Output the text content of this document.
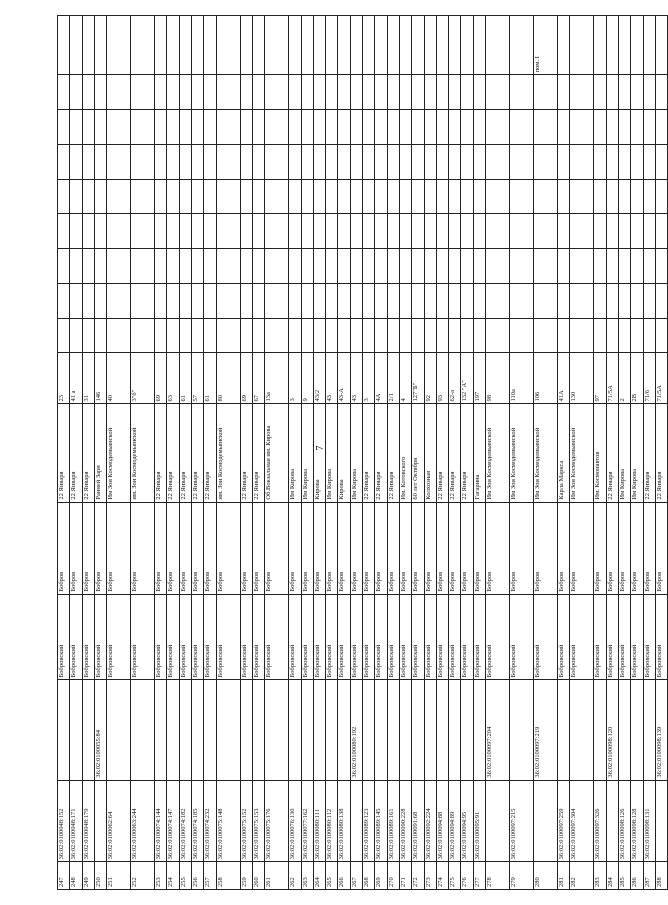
7
247	36:02:0100048:152		Бобровский	Бобров	22 Января	23									
248	36:02:0100048:171		Бобровский	Бобров	22 Января	41 а									
249	36:02:0100048:179		Бобровский	Бобров	22 Января	31									
250		36:02:0100055:84	Бобровский	Бобров	Ранней Зари	146									
251	36:02:0100062:64		Бобровский	Бобров	Им Зои Космодемьянской	40									
252	36:02:0100063:244		Бобровский	Бобров	им. Зои Космодемьянской	3"б"									
253	36:02:0100074:144		Бобровский	Бобров	22 Января	69									
254	36:02:0100074:147		Бобровский	Бобров	22 Января	63									
255	36:02:0100074:182		Бобровский	Бобров	22 Января	61									
256	36:02:0100074:185		Бобровский	Бобров	22 Января	57									
257	36:02:0100074:232		Бобровский	Бобров	22 Января	61									
258	36:02:0100075:148		Бобровский	Бобров	им. Зои Космодемьянской	80									
259	36:02:0100075:152		Бобровский	Бобров	22 Января	69									
260	36:02:0100075:153		Бобровский	Бобров	22 Января	67									
261	36:02:0100075:176		Бобровский	Бобров	Об.Вокзальная им. Кирова	13а									
262	36:02:0100076:130		Бобровский	Бобров	Им Кирова	3									
263	36:02:0100077:162		Бобровский	Бобров	Им Кирова	9									
264	36:02:0100080:111		Бобровский	Бобров	Кирова	43/2									
265	36:02:0100080:112		Бобровский	Бобров	Им Кирова	43									
266	36:02:0100080:138		Бобровский	Бобров	Кирова	43-А									
267		36:02:0100080:192	Бобровский	Бобров	Им Кирова	43									
268	36:02:0100089:123		Бобровский	Бобров	22 Января	3									
269	36:02:0100089:145		Бобровский	Бобров	22 Января	4А									
270	36:02:0100089:161		Бобровский	Бобров	22 Января	2/1									
271	36:02:0100090:228		Бобровский	Бобров	Им. Котовского	4									
272	36:02:0100091:68		Бобровский	Бобров	60 лет Октября	127"Б"									
273	36:02:0100092:224		Бобровский	Бобров	Колхозная	92									
274	36:02:0100094:88		Бобровский	Бобров	22 Января	93									
275	36:02:0100094:89		Бобровский	Бобров	22 Января	62-а									
276	36:02:0100094:95		Бобровский	Бобров	22 Января	132 "А"									
277	36:02:0100095:91		Бобровский	Бобров	Гагарина	197									
278		36:02:0100097:204	Бобровский	Бобров	Им Зои Космодемьянской	98									
279	36:02:0100097:215		Бобровский	Бобров	Им Зои Космодемьянской	110а									
280		36:02:0100097:219	Бобровский	Бобров	Им Зои Космодемьянской	106									пом. I
281	36:02:0100097:259		Бобровский	Бобров	Карла Маркса	41А									
282	36:02:0100097:304		Бобровский	Бобров	Им Зои Космодемьянской	130									
283	36:02:0100097:326		Бобровский	Бобров	Им. Космонавтов	97									
284		36:02:0100098:120	Бобровский	Бобров	22 Января	71/5А									
285	36:02:0100098:126		Бобровский	Бобров	Им Кирова	2									
286	36:02:0100098:128		Бобровский	Бобров	Им Кирова	2В									
287	36:02:0100098:131		Бобровский	Бобров	22 Января	71/6									
288		36:02:0100098:139	Бобровский	Бобров	22 Января	71/5А									
